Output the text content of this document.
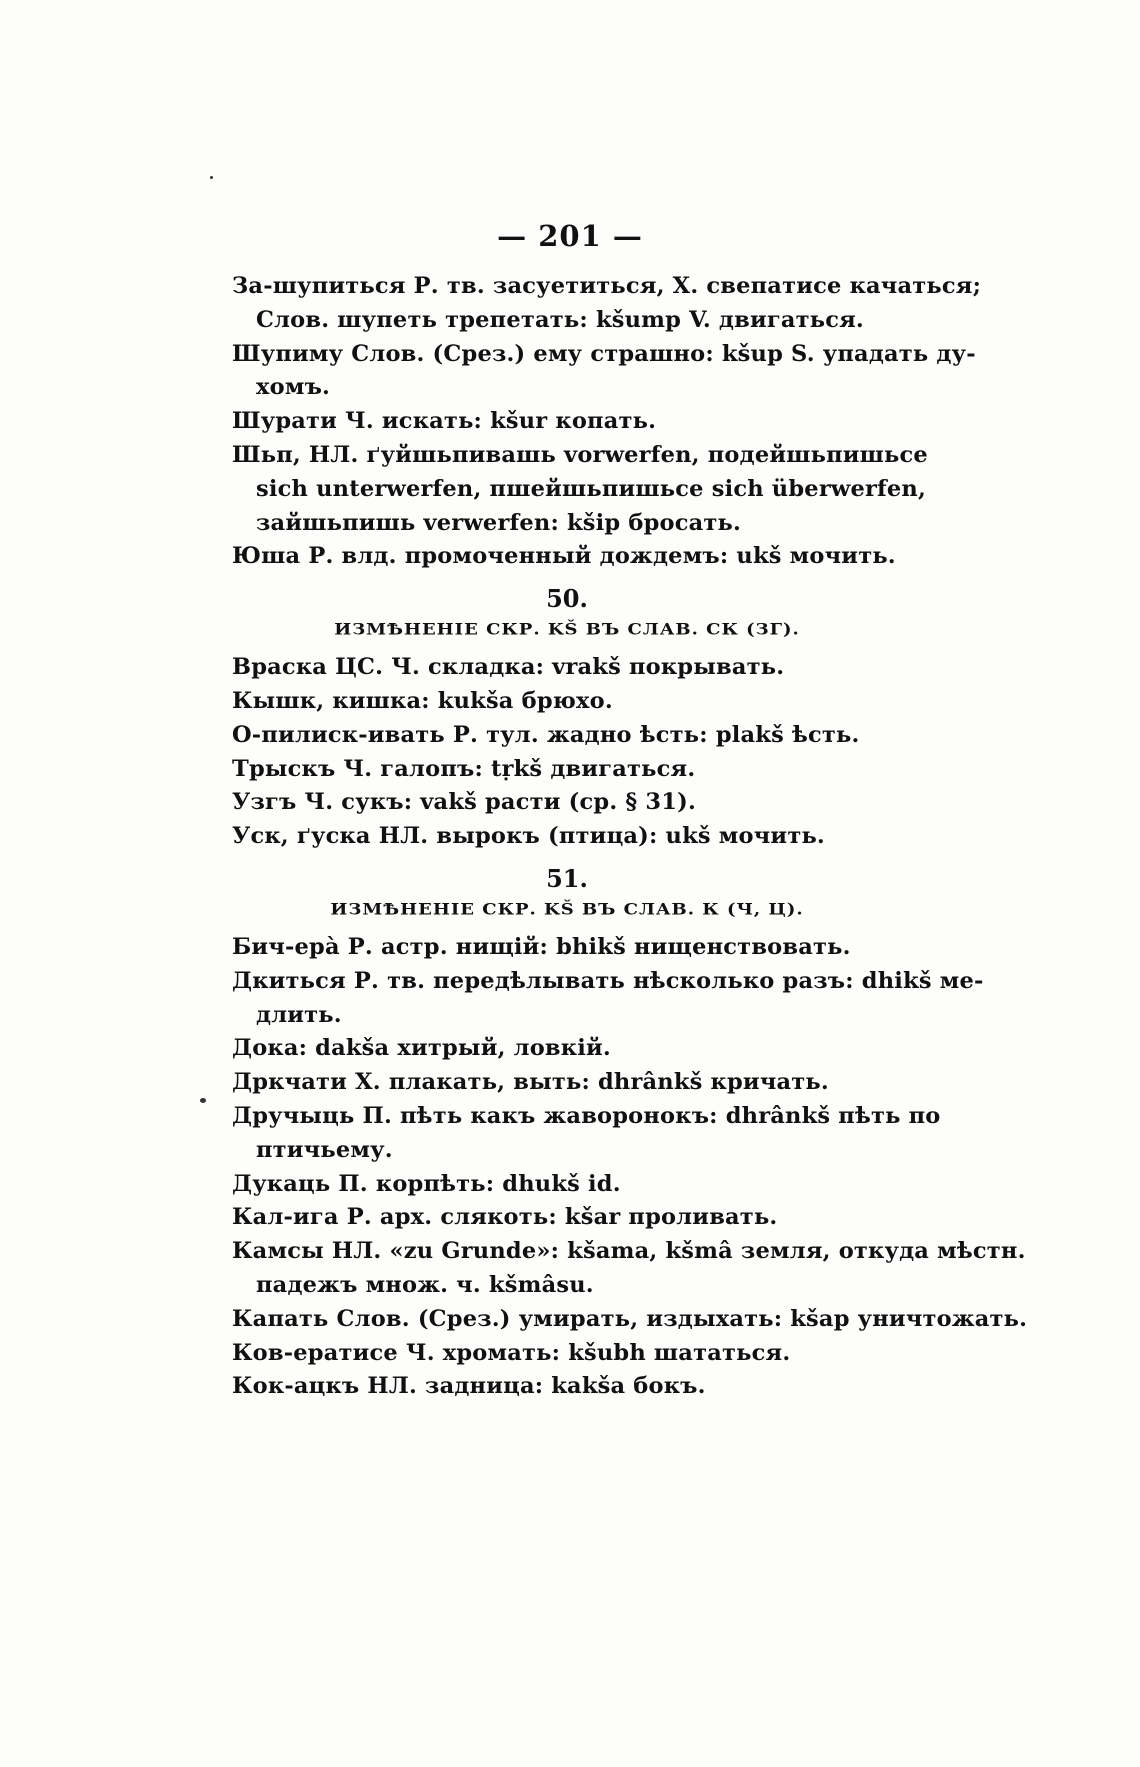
— 201 —
За-шупиться Р. тв. засуетиться, Х. свепатисе качаться;
Слов. шупеть трепетать: kšump V. двигаться.
Шупиму Слов. (Срез.) ему страшно: kšup S. упадать ду-
хомъ.
Шурати Ч. искать: kšur копать.
Шьп, НЛ. ґуйшьпивашь vorwerfen, подейшьпишьсе
sich unterwerfen, пшейшьпишьсе sich überwerfen,
зайшьпишь verwerfen: kšip бросать.
Юша Р. влд. промоченный дождемъ: ukš мочить.
50.
ИЗМѢНЕНІЕ СКР. KŠ ВЪ СЛАВ. СК (ЗГ).
Враска ЦС. Ч. складка: vrakš покрывать.
Кышк, кишка: kukša брюхо.
О-пилиск-ивать Р. тул. жадно ѣсть: plakš ѣсть.
Трыскъ Ч. галопъ: tṛkš двигаться.
Узгъ Ч. сукъ: vakš расти (ср. § 31).
Уск, ґуска НЛ. вырокъ (птица): ukš мочить.
51.
ИЗМѢНЕНІЕ СКР. KŠ ВЪ СЛАВ. К (Ч, Ц).
Бич-ерà Р. астр. нищій: bhikš нищенствовать.
Дкиться Р. тв. передѣлывать нѣсколько разъ: dhikš ме-
длить.
Дока: dakša хитрый, ловкій.
Дркчати Х. плакать, выть: dhrânkš кричать.
Дручыць П. пѣть какъ жаворонокъ: dhrânkš пѣть по
птичьему.
Дукаць П. корпѣть: dhukš id.
Кал-ига Р. арх. слякоть: kšar проливать.
Камсы НЛ. «zu Grunde»: kšama, kšmâ земля, откуда мѣстн.
падежъ множ. ч. kšmâsu.
Капать Слов. (Срез.) умирать, издыхать: kšap уничтожать.
Ков-ератисе Ч. хромать: kšubh шататься.
Кок-ацкъ НЛ. задница: kakša бокъ.
